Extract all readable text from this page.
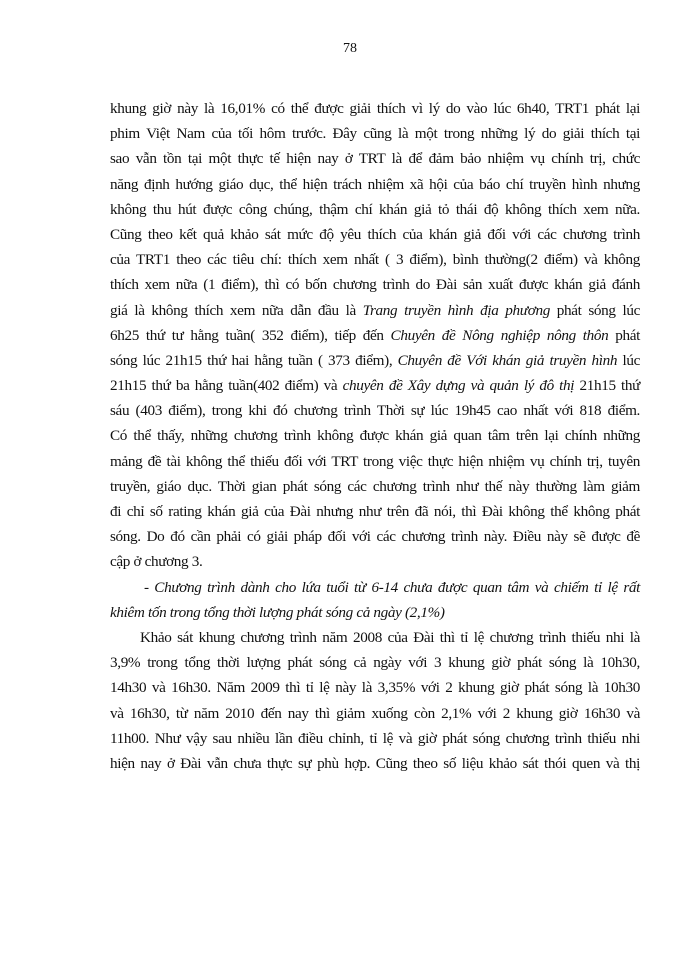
78
khung giờ này là 16,01% có thể được giải thích vì lý do vào lúc 6h40, TRT1 phát lại
phim Việt Nam của tối hôm trước. Đây cũng là một trong những lý do giải thích tại
sao vẫn tồn tại một thực tế hiện nay ở TRT là để đảm bảo nhiệm vụ chính trị, chức
năng định hướng giáo dục, thể hiện trách nhiệm xã hội của báo chí truyền hình nhưng
không thu hút được công chúng, thậm chí khán giả tỏ thái độ không thích xem nữa.
Cũng theo kết quả khảo sát mức độ yêu thích của khán giả đối với các chương trình
của TRT1 theo các tiêu chí: thích xem nhất ( 3 điểm), bình thường(2 điểm) và không
thích xem nữa (1 điểm), thì có bốn chương trình do Đài sản xuất được khán giả đánh
giá là không thích xem nữa dẫn đầu là Trang truyền hình địa phương phát sóng lúc
6h25 thứ tư hằng tuần( 352 điểm), tiếp đến Chuyên đề Nông nghiệp nông thôn phát
sóng lúc 21h15 thứ hai hằng tuần ( 373 điểm), Chuyên đề Với khán giả truyền hình lúc
21h15 thứ ba hằng tuần(402 điểm) và chuyên đề Xây dựng và quản lý đô thị 21h15 thứ
sáu (403 điểm), trong khi đó chương trình Thời sự lúc 19h45 cao nhất với 818 điểm.
Có thể thấy, những chương trình không được khán giả quan tâm trên lại chính những
mảng đề tài không thể thiếu đối với TRT trong việc thực hiện nhiệm vụ chính trị, tuyên
truyền, giáo dục. Thời gian phát sóng các chương trình như thế này thường làm giảm
đi chỉ số rating khán giả của Đài nhưng như trên đã nói, thì Đài không thể không phát
sóng. Do đó cần phải có giải pháp đối với các chương trình này. Điều này sẽ được đề
cập ở chương 3.
- Chương trình dành cho lứa tuổi từ 6-14 chưa được quan tâm và chiếm tỉ lệ rất
khiêm tốn trong tổng thời lượng phát sóng cả ngày (2,1%)
Khảo sát khung chương trình năm 2008 của Đài thì tỉ lệ chương trình thiếu nhi là
3,9% trong tổng thời lượng phát sóng cả ngày với 3 khung giờ phát sóng là 10h30,
14h30 và 16h30. Năm 2009 thì tỉ lệ này là 3,35% với 2 khung giờ phát sóng là 10h30
và 16h30, từ năm 2010 đến nay thì giảm xuống còn 2,1% với 2 khung giờ 16h30 và
11h00. Như vậy sau nhiều lần điều chỉnh, tỉ lệ và giờ phát sóng chương trình thiếu nhi
hiện nay ở Đài vẫn chưa thực sự phù hợp. Cũng theo số liệu khảo sát thói quen và thị
